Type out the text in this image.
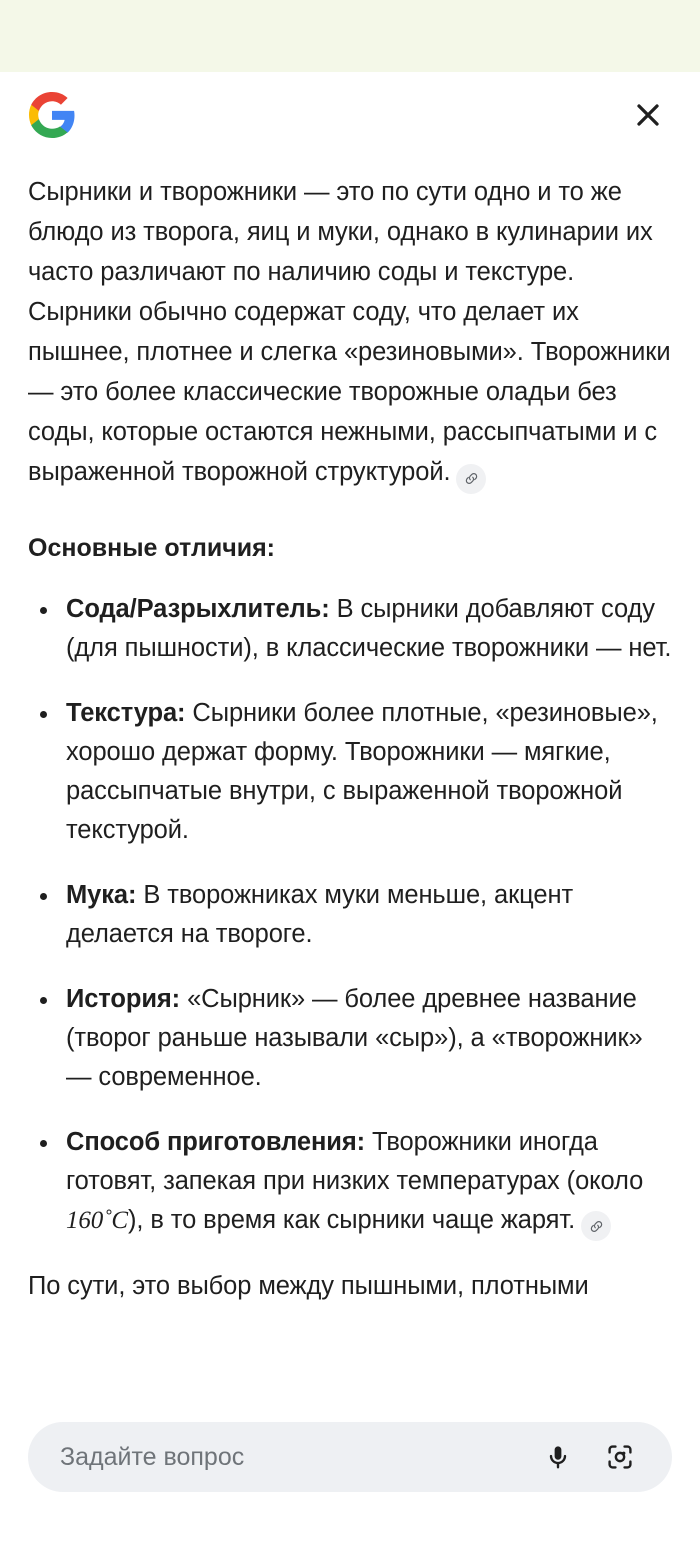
Сырники и творожники — это по сути одно и то же блюдо из творога, яиц и муки, однако в кулинарии их часто различают по наличию соды и текстуре. Сырники обычно содержат соду, что делает их пышнее, плотнее и слегка «резиновыми». Творожники — это более классические творожные оладьи без соды, которые остаются нежными, рассыпчатыми и с выраженной творожной структурой.

Основные отличия:
Сода/Разрыхлитель: В сырники добавляют соду (для пышности), в классические творожники — нет.
Текстура: Сырники более плотные, «резиновые», хорошо держат форму. Творожники — мягкие, рассыпчатые внутри, с выраженной творожной текстурой.
Мука: В творожниках муки меньше, акцент делается на твороге.
История: «Сырник» — более древнее название (творог раньше называли «сыр»), а «творожник» — современное.
Способ приготовления: Творожники иногда готовят, запекая при низких температурах (около 160˚C), в то время как сырники чаще жарят.

По сути, это выбор между пышными, плотными

Задайте вопрос
